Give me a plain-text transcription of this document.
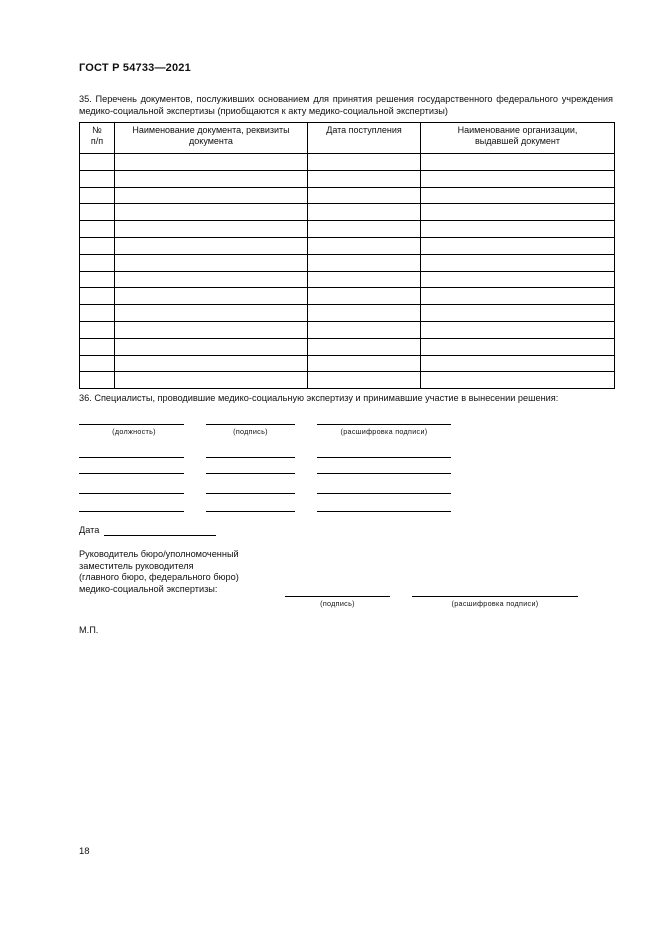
ГОСТ Р 54733—2021
35. Перечень документов, послуживших основанием для принятия решения государственного федерального учреждения медико-социальной экспертизы (приобщаются к акту медико-социальной экспертизы)
№ п/п	Наименование документа, реквизиты документа	Дата поступления	Наименование организации, выдавшей документ

36. Специалисты, проводившие медико-социальную экспертизу и принимавшие участие в вынесении решения:
(должность)	(подпись)	(расшифровка подписи)
Дата
Руководитель бюро/уполномоченный
заместитель руководителя
(главного бюро, федерального бюро)
медико-социальной экспертизы:
(подпись)	(расшифровка подписи)
М.П.
18
